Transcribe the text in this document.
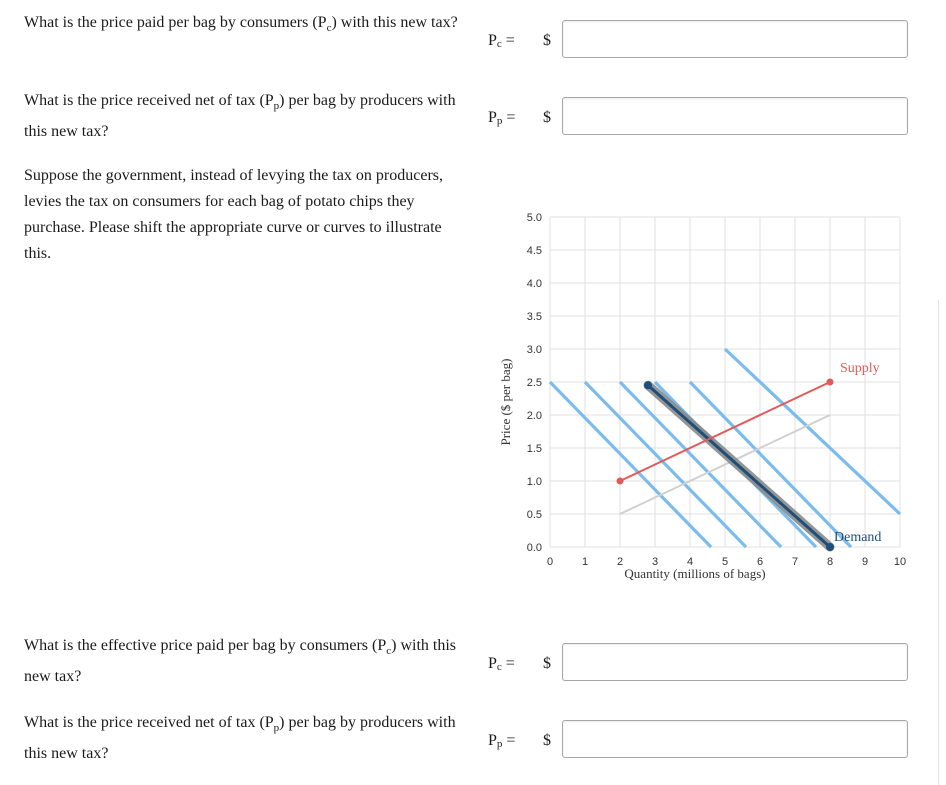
What is the price paid per bag by consumers $(P_c)$ with this new tax?
$P_c$ = $
What is the price received net of tax $(P_p)$ per bag by producers with this new tax?
$P_p$ = $
Suppose the government, instead of levying the tax on producers, levies the tax on consumers for each bag of potato chips they purchase. Please shift the appropriate curve or curves to illustrate this.
0.0
0.5
1.0
1.5
2.0
2.5
3.0
3.5
4.0
4.5
5.0
0	1	2	3	4	5	6	7	8	9 10
Price ($ per bag)
Quantity (millions of bags)
Supply
Demand
What is the effective price paid per bag by consumers $(P_c)$ with this new tax?
$P_c$ = $
What is the price received net of tax $(P_p)$ per bag by producers with this new tax?
$P_p$ = $
